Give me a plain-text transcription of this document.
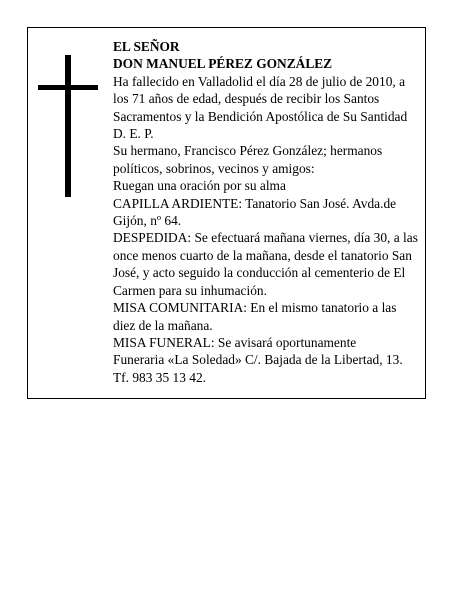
EL SEÑOR

DON MANUEL PÉREZ GONZÁLEZ

Ha fallecido en Valladolid el día 28 de julio de 2010, a los 71 años de edad, después de recibir los Santos Sacramentos y la Bendición Apostólica de Su Santidad D. E. P.

Su hermano, Francisco Pérez González; hermanos políticos, sobrinos, vecinos y amigos:

Ruegan una oración por su alma

CAPILLA ARDIENTE: Tanatorio San José. Avda.de Gijón, nº 64.

DESPEDIDA: Se efectuará mañana viernes, día 30, a las once menos cuarto de la mañana, desde el tanatorio San José, y acto seguido la conducción al cementerio de El Carmen para su inhumación.

MISA COMUNITARIA: En el mismo tanatorio a las diez de la mañana.

MISA FUNERAL: Se avisará oportunamente

Funeraria «La Soledad» C/. Bajada de la Libertad, 13. Tf. 983 35 13 42.
